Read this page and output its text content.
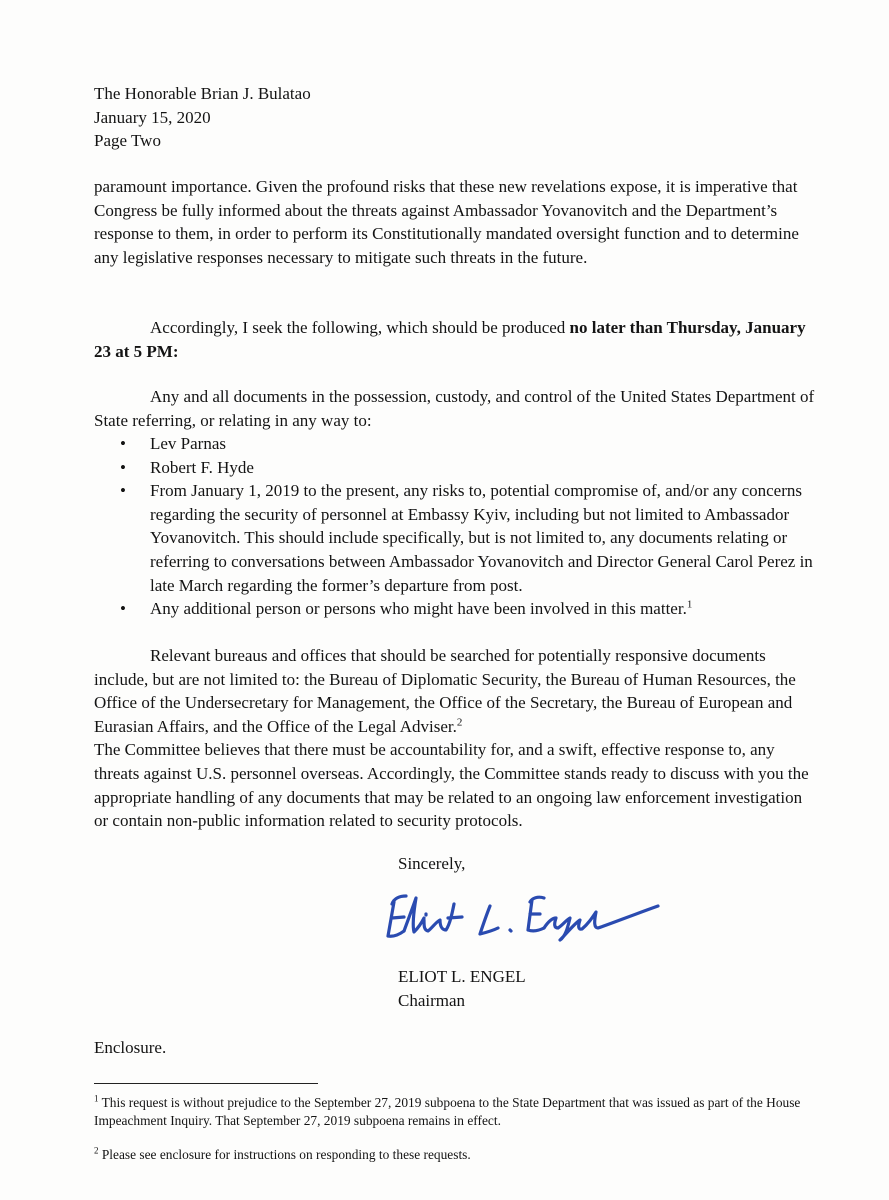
The Honorable Brian J. Bulatao
January 15, 2020
Page Two

paramount importance. Given the profound risks that these new revelations expose, it is imperative that Congress be fully informed about the threats against Ambassador Yovanovitch and the Department’s response to them, in order to perform its Constitutionally mandated oversight function and to determine any legislative responses necessary to mitigate such threats in the future.

Accordingly, I seek the following, which should be produced no later than Thursday, January 23 at 5 PM:

Any and all documents in the possession, custody, and control of the United States Department of State referring, or relating in any way to:

• Lev Parnas
• Robert F. Hyde
• From January 1, 2019 to the present, any risks to, potential compromise of, and/or any concerns regarding the security of personnel at Embassy Kyiv, including but not limited to Ambassador Yovanovitch. This should include specifically, but is not limited to, any documents relating or referring to conversations between Ambassador Yovanovitch and Director General Carol Perez in late March regarding the former’s departure from post.
• Any additional person or persons who might have been involved in this matter.$^1$

Relevant bureaus and offices that should be searched for potentially responsive documents include, but are not limited to: the Bureau of Diplomatic Security, the Bureau of Human Resources, the Office of the Undersecretary for Management, the Office of the Secretary, the Bureau of European and Eurasian Affairs, and the Office of the Legal Adviser.$^2$

The Committee believes that there must be accountability for, and a swift, effective response to, any threats against U.S. personnel overseas. Accordingly, the Committee stands ready to discuss with you the appropriate handling of any documents that may be related to an ongoing law enforcement investigation or contain non-public information related to security protocols.

Sincerely,
ELIOT L. ENGEL
Chairman
Enclosure.
$^1$ This request is without prejudice to the September 27, 2019 subpoena to the State Department that was issued as part of the House Impeachment Inquiry. That September 27, 2019 subpoena remains in effect.
$^2$ Please see enclosure for instructions on responding to these requests.
